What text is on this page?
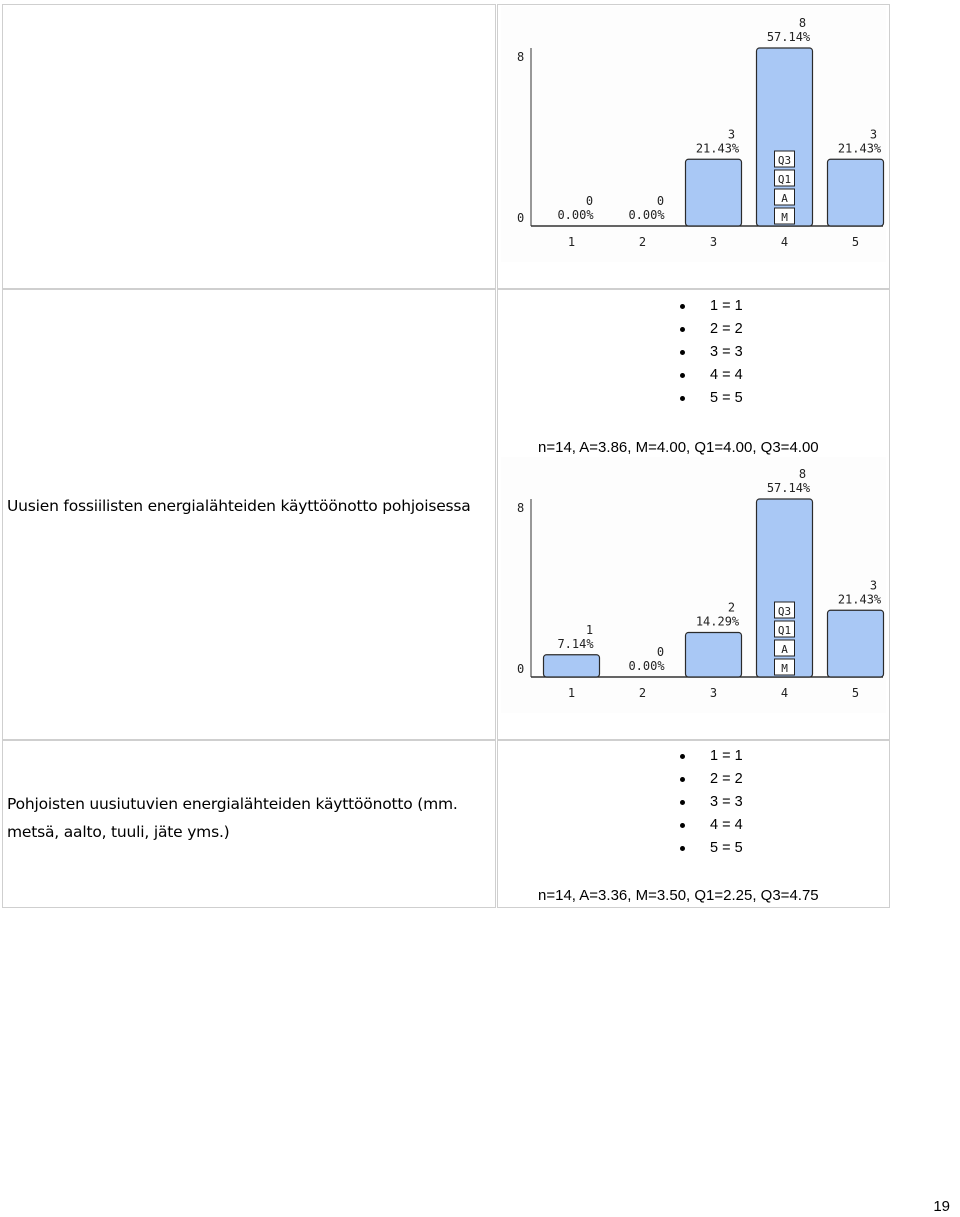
0
8
0
0.00%
1
0
0.00%
2
3
21.43%
3
8
57.14%
4
3
21.43%
5
Q3
Q1
A
M
1 = 1
2 = 2
3 = 3
4 = 4
5 = 5
n=14, A=3.86, M=4.00, Q1=4.00, Q3=4.00
Uusien fossiilisten energialähteiden käyttöönotto pohjoisessa
0
8
1
7.14%
1
0
0.00%
2
2
14.29%
3
8
57.14%
4
3
21.43%
5
Q3
Q1
A
M
Pohjoisten uusiutuvien energialähteiden käyttöönotto (mm.
metsä, aalto, tuuli, jäte yms.)
1 = 1
2 = 2
3 = 3
4 = 4
5 = 5
n=14, A=3.36, M=3.50, Q1=2.25, Q3=4.75
19
